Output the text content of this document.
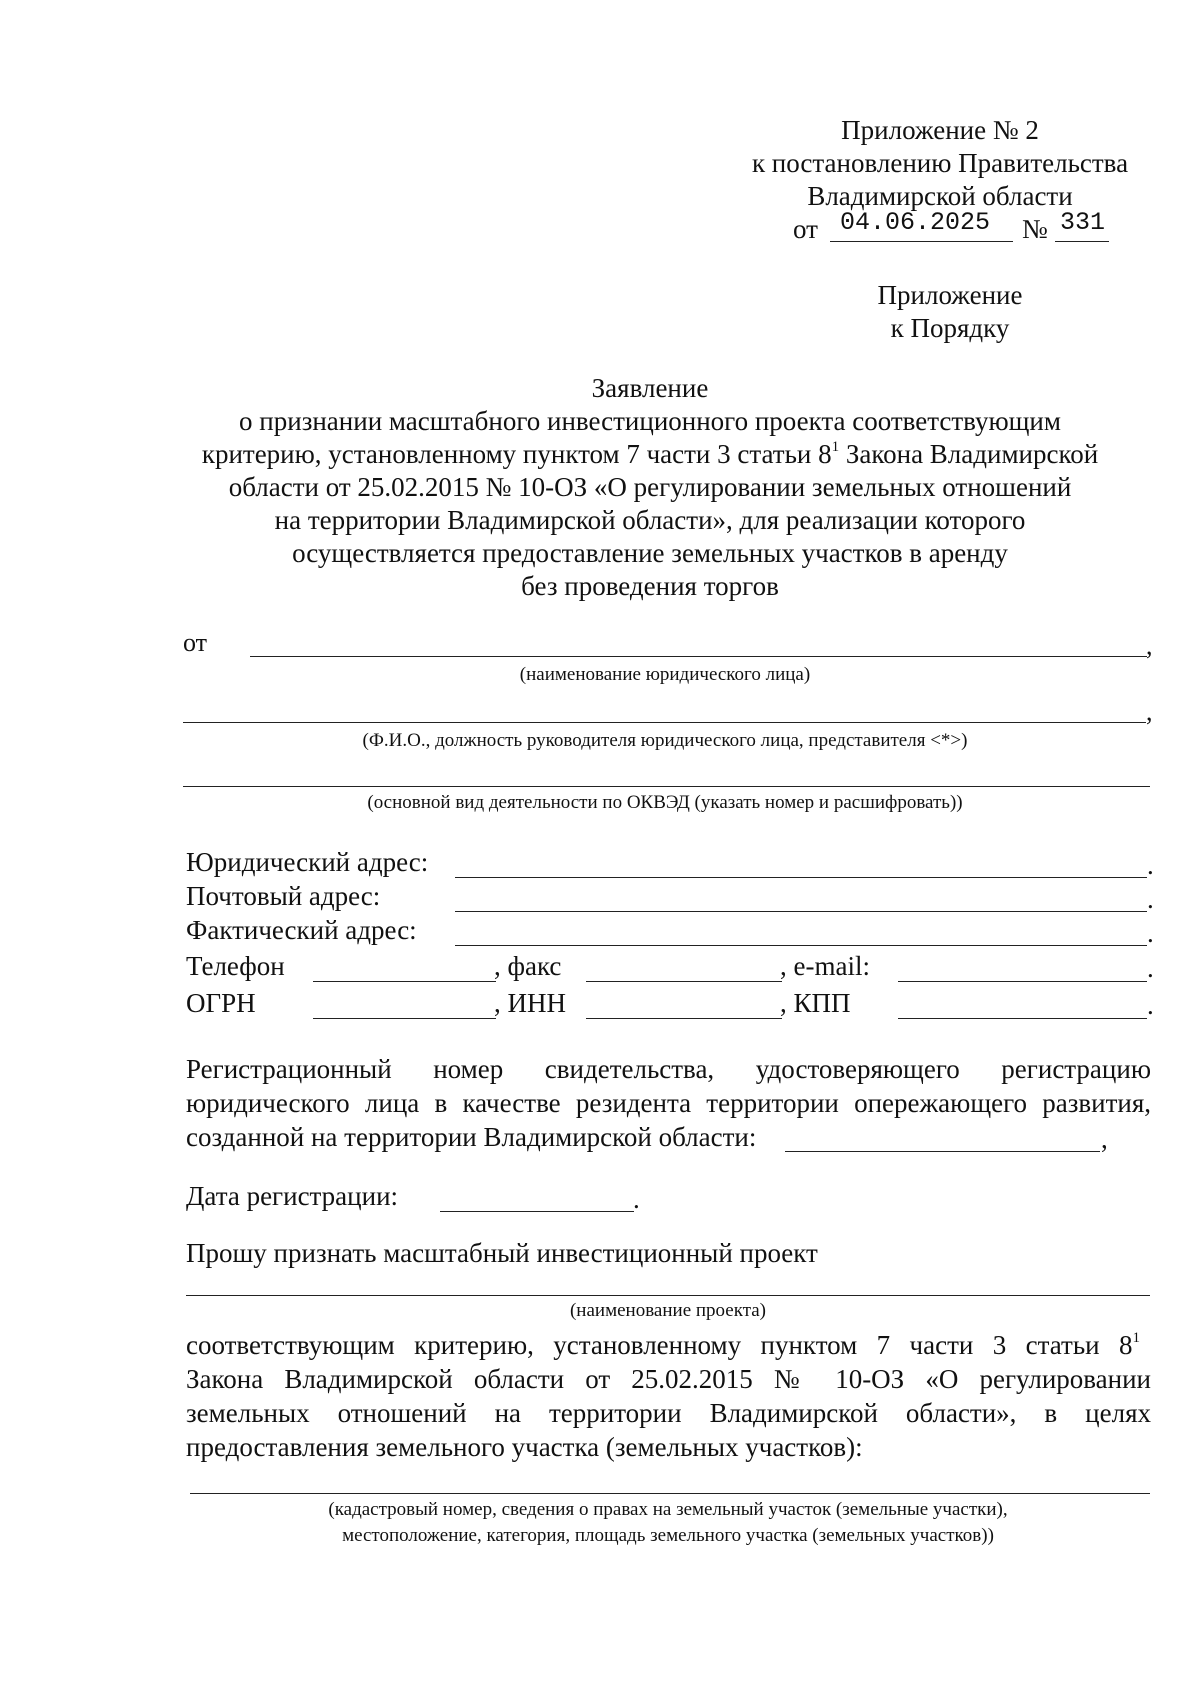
Приложение № 2
к постановлению Правительства
Владимирской области
от 04.06.2025 № 331
Приложение
к Порядку
Заявление
о признании масштабного инвестиционного проекта соответствующим
критерию, установленному пунктом 7 части 3 статьи $8^1$ Закона Владимирской
области от 25.02.2015 № 10-ОЗ «О регулировании земельных отношений
на территории Владимирской области», для реализации которого
осуществляется предоставление земельных участков в аренду
без проведения торгов
от	,
(наименование юридического лица)
,
(Ф.И.О., должность руководителя юридического лица, представителя <*>)
(основной вид деятельности по ОКВЭД (указать номер и расшифровать))
Юридический адрес:	.
Почтовый адрес:	.
Фактический адрес:	.
Телефон	, факс	, e-mail:	.
ОГРН	, ИНН	, КПП	.
Регистрационный номер свидетельства, удостоверяющего регистрацию
юридического лица в качестве резидента территории опережающего развития,
созданной на территории Владимирской области:	,
Дата регистрации:	.
Прошу признать масштабный инвестиционный проект
(наименование проекта)
соответствующим критерию, установленному пунктом 7 части 3 статьи $8^1$
Закона Владимирской области от 25.02.2015 № 10-ОЗ «О регулировании
земельных отношений на территории Владимирской области», в целях
предоставления земельного участка (земельных участков):
(кадастровый номер, сведения о правах на земельный участок (земельные участки),
местоположение, категория, площадь земельного участка (земельных участков))
